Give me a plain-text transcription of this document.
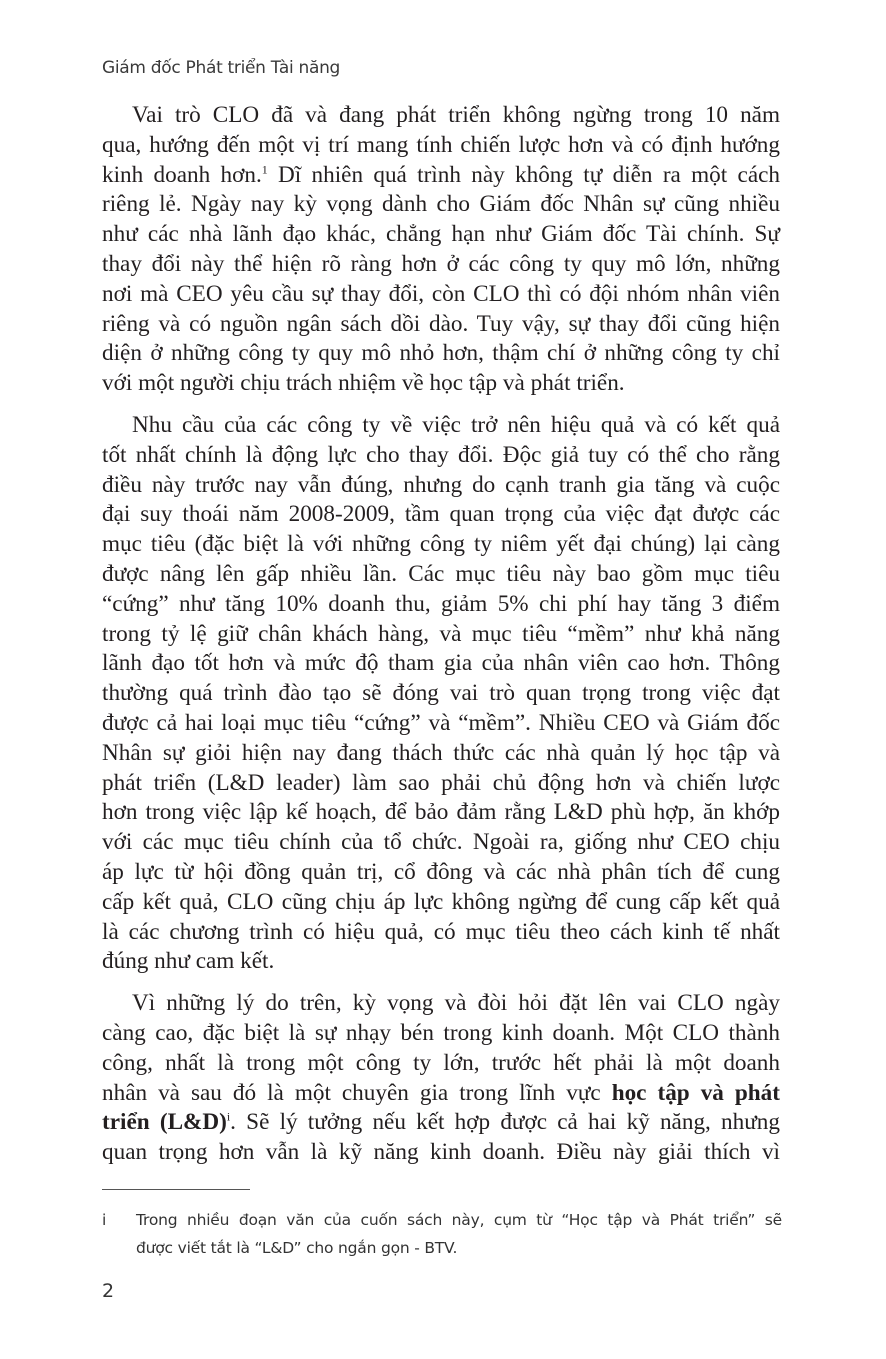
Giám đốc Phát triển Tài năng
Vai trò CLO đã và đang phát triển không ngừng trong 10 năm
qua, hướng đến một vị trí mang tính chiến lược hơn và có định hướng
kinh doanh hơn.$^1$ Dĩ nhiên quá trình này không tự diễn ra một cách
riêng lẻ. Ngày nay kỳ vọng dành cho Giám đốc Nhân sự cũng nhiều
như các nhà lãnh đạo khác, chẳng hạn như Giám đốc Tài chính. Sự
thay đổi này thể hiện rõ ràng hơn ở các công ty quy mô lớn, những
nơi mà CEO yêu cầu sự thay đổi, còn CLO thì có đội nhóm nhân viên
riêng và có nguồn ngân sách dồi dào. Tuy vậy, sự thay đổi cũng hiện
diện ở những công ty quy mô nhỏ hơn, thậm chí ở những công ty chỉ
với một người chịu trách nhiệm về học tập và phát triển.
Nhu cầu của các công ty về việc trở nên hiệu quả và có kết quả
tốt nhất chính là động lực cho thay đổi. Độc giả tuy có thể cho rằng
điều này trước nay vẫn đúng, nhưng do cạnh tranh gia tăng và cuộc
đại suy thoái năm 2008-2009, tầm quan trọng của việc đạt được các
mục tiêu (đặc biệt là với những công ty niêm yết đại chúng) lại càng
được nâng lên gấp nhiều lần. Các mục tiêu này bao gồm mục tiêu
“cứng” như tăng 10% doanh thu, giảm 5% chi phí hay tăng 3 điểm
trong tỷ lệ giữ chân khách hàng, và mục tiêu “mềm” như khả năng
lãnh đạo tốt hơn và mức độ tham gia của nhân viên cao hơn. Thông
thường quá trình đào tạo sẽ đóng vai trò quan trọng trong việc đạt
được cả hai loại mục tiêu “cứng” và “mềm”. Nhiều CEO và Giám đốc
Nhân sự giỏi hiện nay đang thách thức các nhà quản lý học tập và
phát triển (L&D leader) làm sao phải chủ động hơn và chiến lược
hơn trong việc lập kế hoạch, để bảo đảm rằng L&D phù hợp, ăn khớp
với các mục tiêu chính của tổ chức. Ngoài ra, giống như CEO chịu
áp lực từ hội đồng quản trị, cổ đông và các nhà phân tích để cung
cấp kết quả, CLO cũng chịu áp lực không ngừng để cung cấp kết quả
là các chương trình có hiệu quả, có mục tiêu theo cách kinh tế nhất
đúng như cam kết.
Vì những lý do trên, kỳ vọng và đòi hỏi đặt lên vai CLO ngày
càng cao, đặc biệt là sự nhạy bén trong kinh doanh. Một CLO thành
công, nhất là trong một công ty lớn, trước hết phải là một doanh
nhân và sau đó là một chuyên gia trong lĩnh vực học tập và phát
triển (L&D)$^i$. Sẽ lý tưởng nếu kết hợp được cả hai kỹ năng, nhưng
quan trọng hơn vẫn là kỹ năng kinh doanh. Điều này giải thích vì
i Trong nhiều đoạn văn của cuốn sách này, cụm từ “Học tập và Phát triển” sẽ
được viết tắt là “L&D” cho ngắn gọn - BTV.
2
